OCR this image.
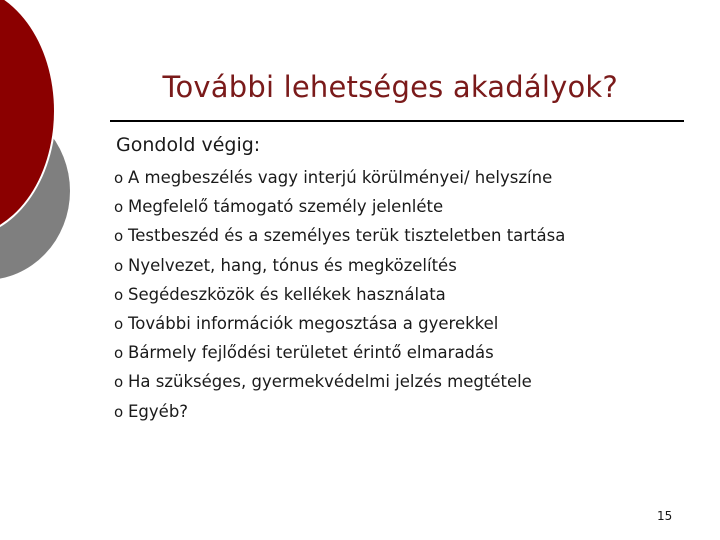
További lehetséges akadályok?
Gondold végig:
o A megbeszélés vagy interjú körülményei/ helyszíne
o Megfelelő támogató személy jelenléte
o Testbeszéd és a személyes terük tiszteletben tartása
o Nyelvezet, hang, tónus és megközelítés
o Segédeszközök és kellékek használata
o További információk megosztása a gyerekkel
o Bármely fejlődési területet érintő elmaradás
o Ha szükséges, gyermekvédelmi jelzés megtétele
o Egyéb?
15
